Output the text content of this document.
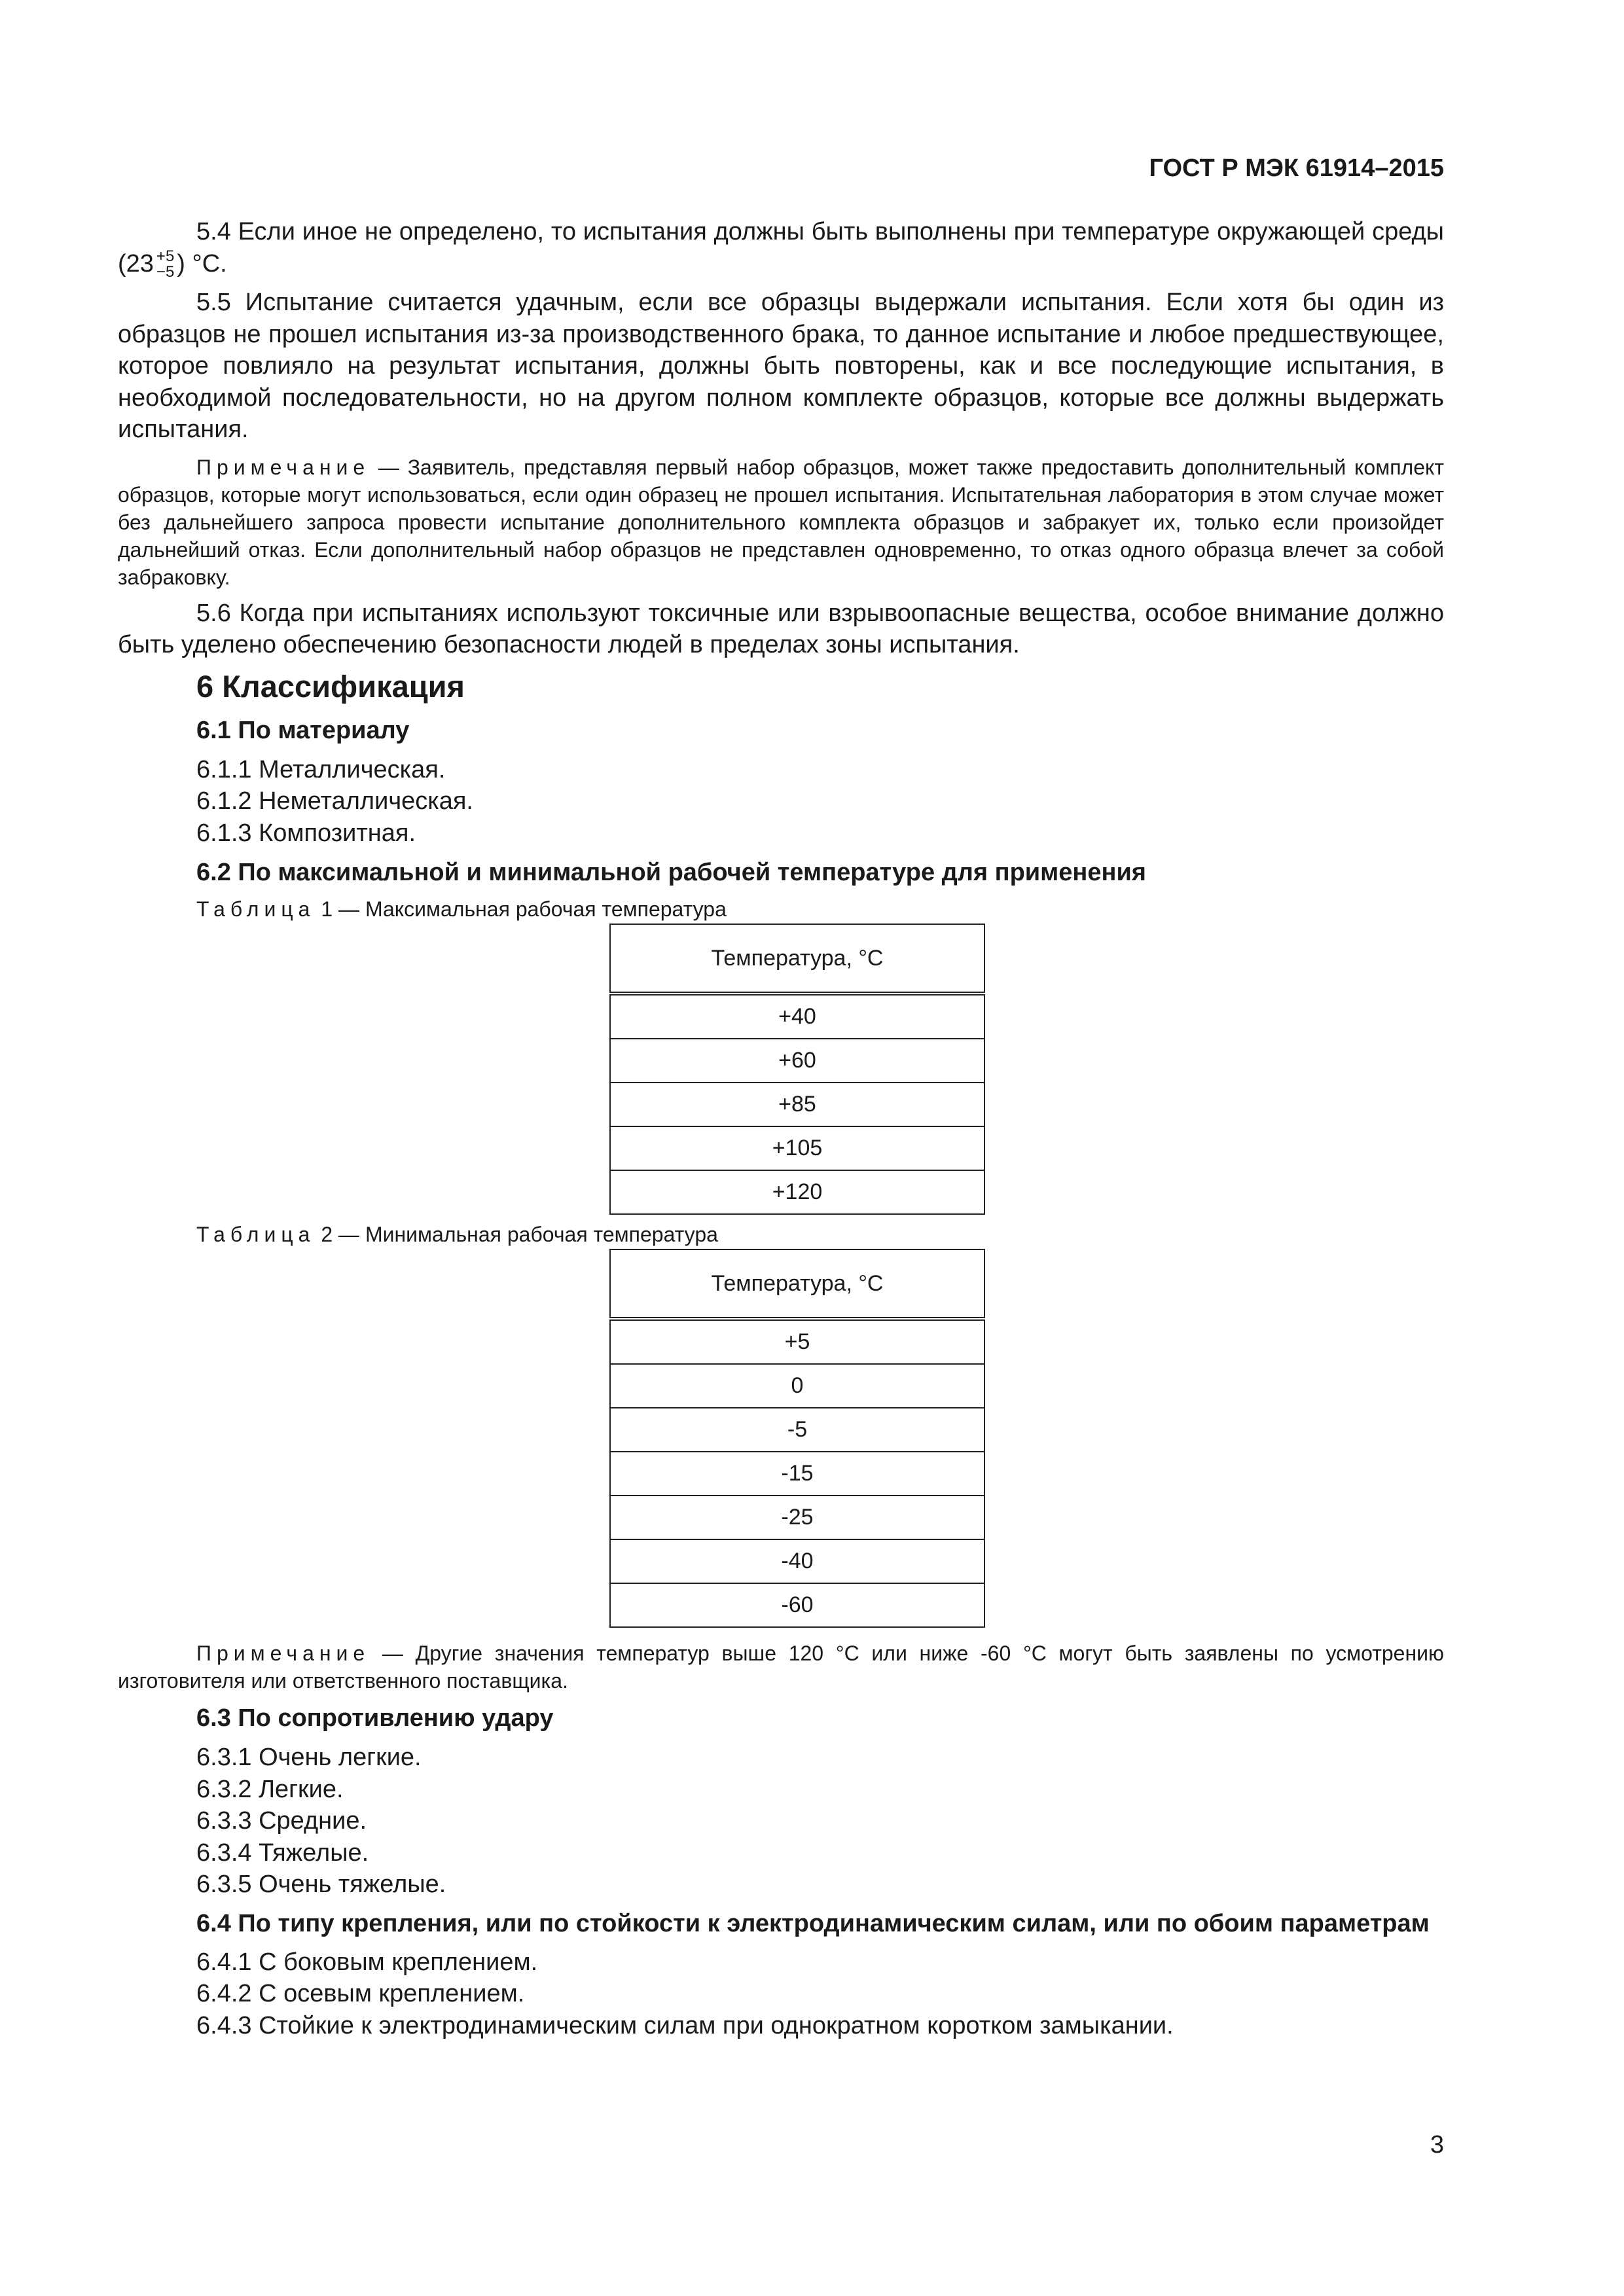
ГОСТ Р МЭК 61914–2015

5.4 Если иное не определено, то испытания должны быть выполнены при температуре окружающей среды (23 +5
−5 ) °С.

5.5 Испытание считается удачным, если все образцы выдержали испытания. Если хотя бы один из образцов не прошел испытания из-за производственного брака, то данное испытание и любое предшествующее, которое повлияло на результат испытания, должны быть повторены, как и все последующие испытания, в необходимой последовательности, но на другом полном комплекте образцов, которые все должны выдержать испытания.

Примечание — Заявитель, представляя первый набор образцов, может также предоставить дополнительный комплект образцов, которые могут использоваться, если один образец не прошел испытания. Испытательная лаборатория в этом случае может без дальнейшего запроса провести испытание дополнительного комплекта образцов и забракует их, только если произойдет дальнейший отказ. Если дополнительный набор образцов не представлен одновременно, то отказ одного образца влечет за собой забраковку.

5.6 Когда при испытаниях используют токсичные или взрывоопасные вещества, особое внимание должно быть уделено обеспечению безопасности людей в пределах зоны испытания.

6 Классификация
6.1 По материалу
6.1.1 Металлическая.
6.1.2 Неметаллическая.
6.1.3 Композитная.
6.2 По максимальной и минимальной рабочей температуре для применения
Таблица 1 — Максимальная рабочая температура
Температура, °С
+40
+60
+85
+105
+120
Таблица 2 — Минимальная рабочая температура
Температура, °С
+5
0
-5
-15
-25
-40
-60
Примечание — Другие значения температур выше 120 °С или ниже -60 °С могут быть заявлены по усмотрению изготовителя или ответственного поставщика.
6.3 По сопротивлению удару
6.3.1 Очень легкие.
6.3.2 Легкие.
6.3.3 Средние.
6.3.4 Тяжелые.
6.3.5 Очень тяжелые.
6.4 По типу крепления, или по стойкости к электродинамическим силам, или по обоим параметрам
6.4.1 С боковым креплением.
6.4.2 С осевым креплением.
6.4.3 Стойкие к электродинамическим силам при однократном коротком замыкании.
3
